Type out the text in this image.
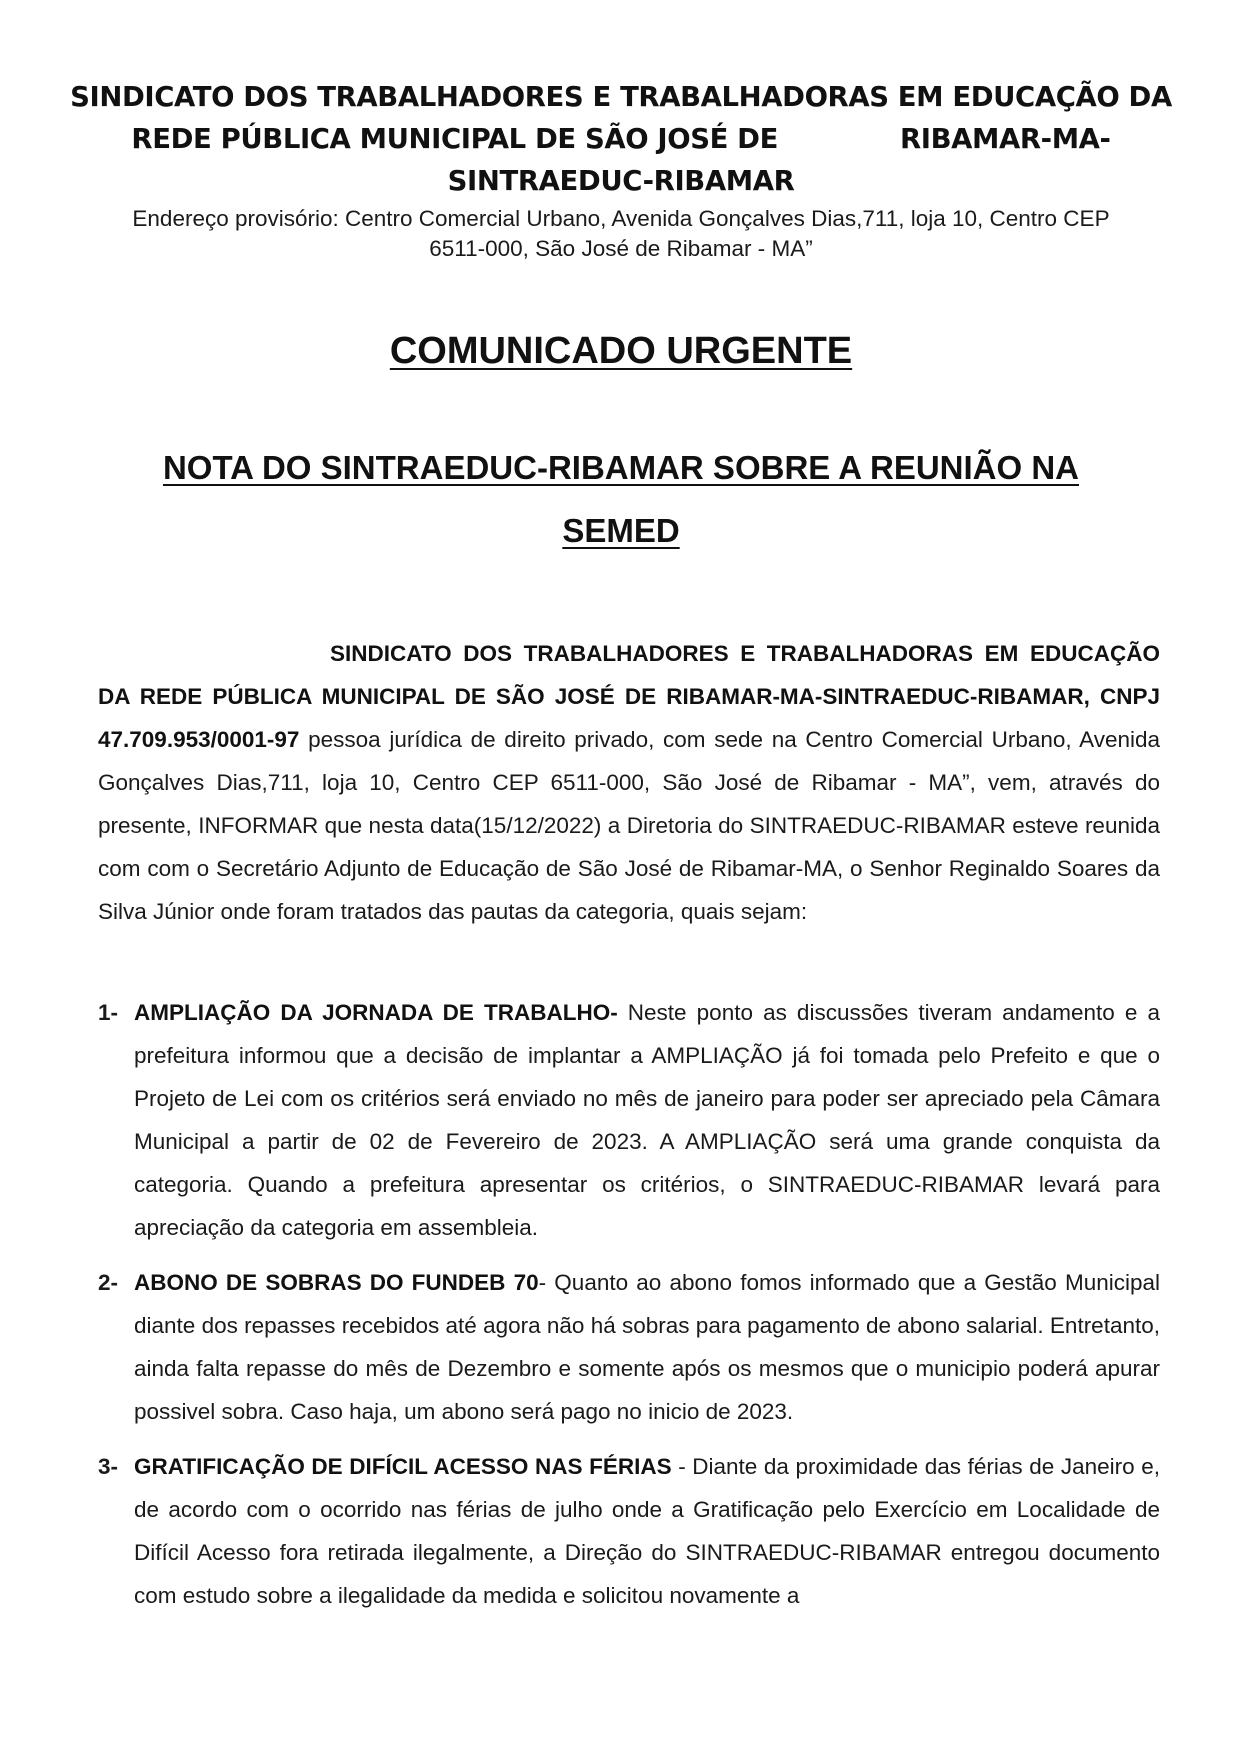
SINDICATO DOS TRABALHADORES E TRABALHADORAS EM EDUCAÇÃO DA
REDE PÚBLICA MUNICIPAL DE SÃO JOSÉ DE	RIBAMAR-MA-
SINTRAEDUC-RIBAMAR
Endereço provisório: Centro Comercial Urbano, Avenida Gonçalves Dias,711, loja 10, Centro CEP
6511-000, São José de Ribamar - MA”
COMUNICADO URGENTE
NOTA DO SINTRAEDUC-RIBAMAR SOBRE A REUNIÃO NA
SEMED

SINDICATO DOS TRABALHADORES E TRABALHADORAS EM EDUCAÇÃO DA REDE PÚBLICA MUNICIPAL DE SÃO JOSÉ DE RIBAMAR-MA-SINTRAEDUC-RIBAMAR, CNPJ 47.709.953/0001-97 pessoa jurídica de direito privado, com sede na Centro Comercial Urbano, Avenida Gonçalves Dias,711, loja 10, Centro CEP 6511-000, São José de Ribamar - MA”, vem, através do presente, INFORMAR que nesta data(15/12/2022) a Diretoria do SINTRAEDUC-RIBAMAR esteve reunida com com o Secretário Adjunto de Educação de São José de Ribamar-MA, o Senhor Reginaldo Soares da Silva Júnior onde foram tratados das pautas da categoria, quais sejam:

1- AMPLIAÇÃO DA JORNADA DE TRABALHO- Neste ponto as discussões tiveram andamento e a prefeitura informou que a decisão de implantar a AMPLIAÇÃO já foi tomada pelo Prefeito e que o Projeto de Lei com os critérios será enviado no mês de janeiro para poder ser apreciado pela Câmara Municipal a partir de 02 de Fevereiro de 2023. A AMPLIAÇÃO será uma grande conquista da categoria. Quando a prefeitura apresentar os critérios, o SINTRAEDUC-RIBAMAR levará para apreciação da categoria em assembleia.
2- ABONO DE SOBRAS DO FUNDEB 70- Quanto ao abono fomos informado que a Gestão Municipal diante dos repasses recebidos até agora não há sobras para pagamento de abono salarial. Entretanto, ainda falta repasse do mês de Dezembro e somente após os mesmos que o municipio poderá apurar possivel sobra. Caso haja, um abono será pago no inicio de 2023.
3- GRATIFICAÇÃO DE DIFÍCIL ACESSO NAS FÉRIAS - Diante da proximidade das férias de Janeiro e, de acordo com o ocorrido nas férias de julho onde a Gratificação pelo Exercício em Localidade de Difícil Acesso fora retirada ilegalmente, a Direção do SINTRAEDUC-RIBAMAR entregou documento com estudo sobre a ilegalidade da medida e solicitou novamente a
